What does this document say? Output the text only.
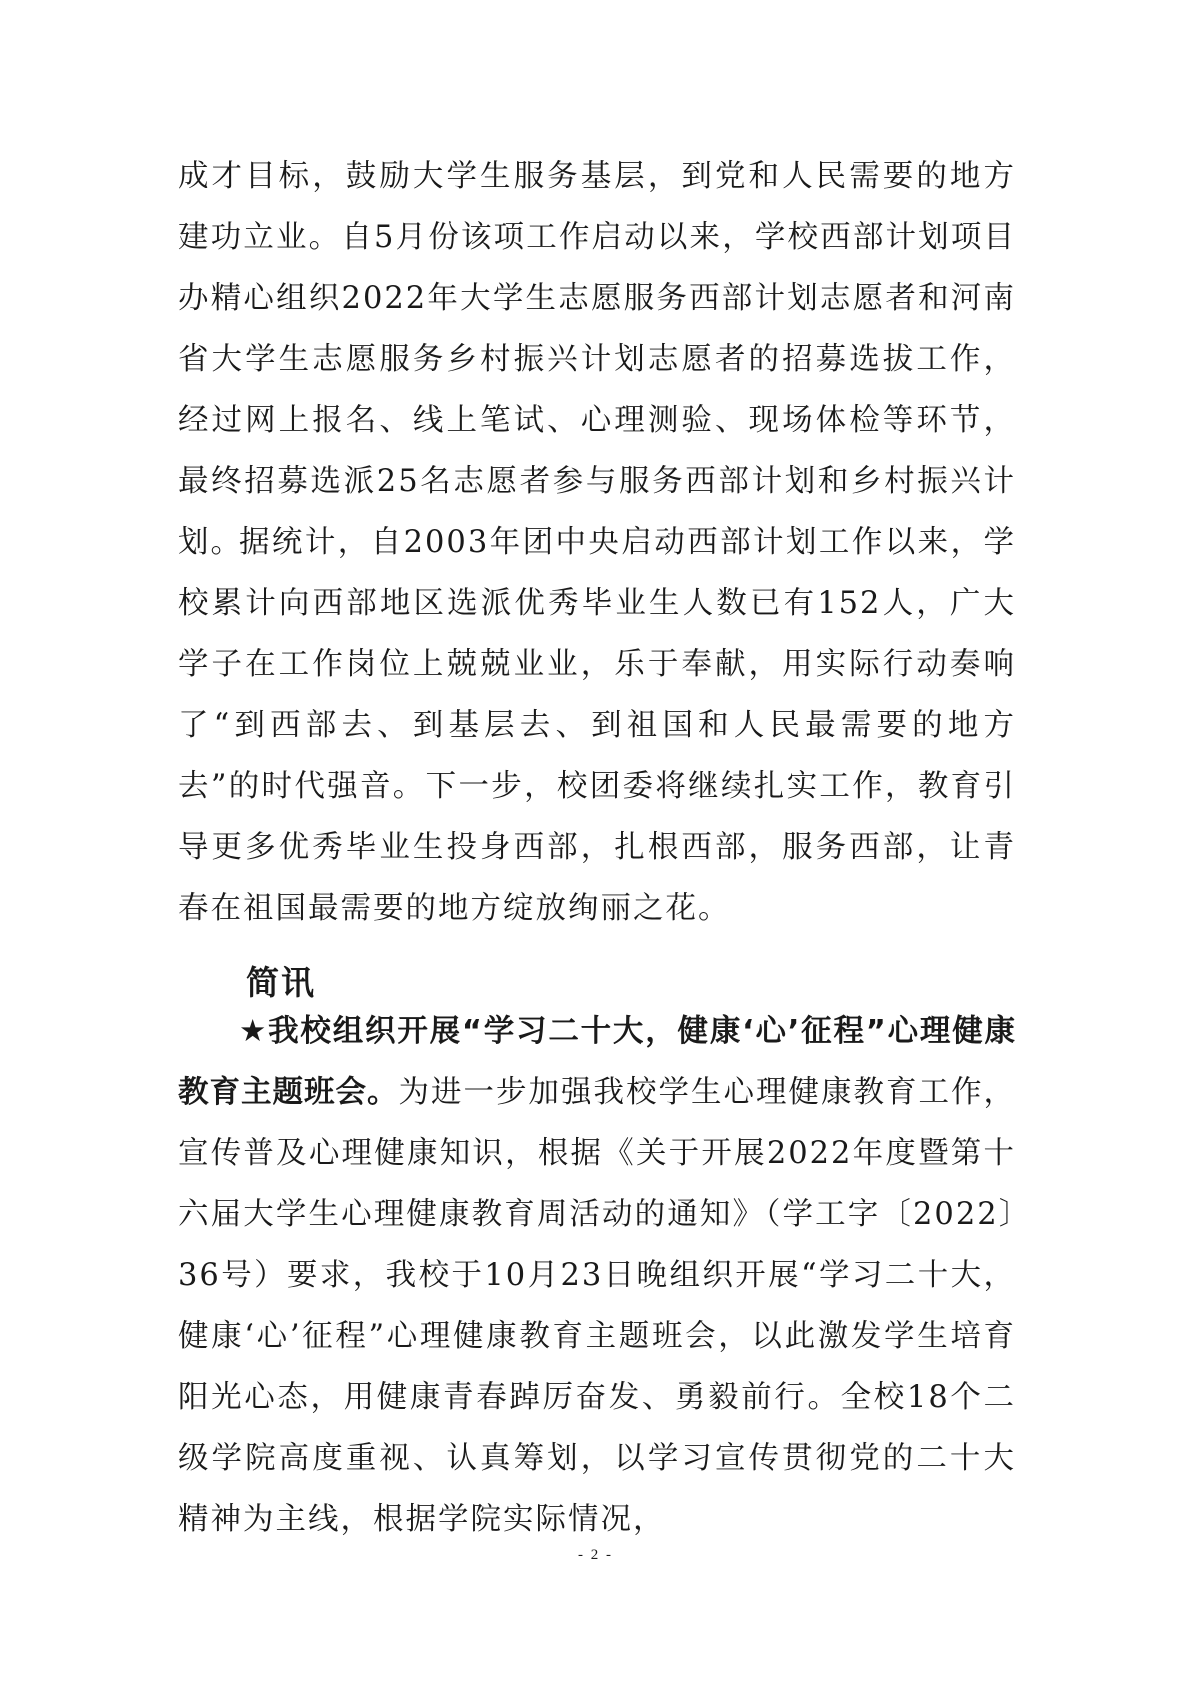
成才目标，鼓励大学生服务基层，到党和人民需要的地方建功立业。自5月份该项工作启动以来，学校西部计划项目办精心组织2022年大学生志愿服务西部计划志愿者和河南省大学生志愿服务乡村振兴计划志愿者的招募选拔工作，经过网上报名、线上笔试、心理测验、现场体检等环节，最终招募选派25名志愿者参与服务西部计划和乡村振兴计划。

据统计，自2003年团中央启动西部计划工作以来，学校累计向西部地区选派优秀毕业生人数已有152人，广大学子在工作岗位上兢兢业业，乐于奉献，用实际行动奏响了“到西部去、到基层去、到祖国和人民最需要的地方去”的时代强音。下一步，校团委将继续扎实工作，教育引导更多优秀毕业生投身西部，扎根西部，服务西部，让青春在祖国最需要的地方绽放绚丽之花。

简讯

★我校组织开展“学习二十大，健康‘心’征程”心理健康教育主题班会。为进一步加强我校学生心理健康教育工作，宣传普及心理健康知识，根据《关于开展2022年度暨第十六届大学生心理健康教育周活动的通知》（学工字〔2022〕36号）要求，我校于10月23日晚组织开展“学习二十大，健康‘心’征程”心理健康教育主题班会，以此激发学生培育阳光心态，用健康青春踔厉奋发、勇毅前行。全校18个二级学院高度重视、认真筹划，以学习宣传贯彻党的二十大精神为主线，根据学院实际情况，

- 2 -
